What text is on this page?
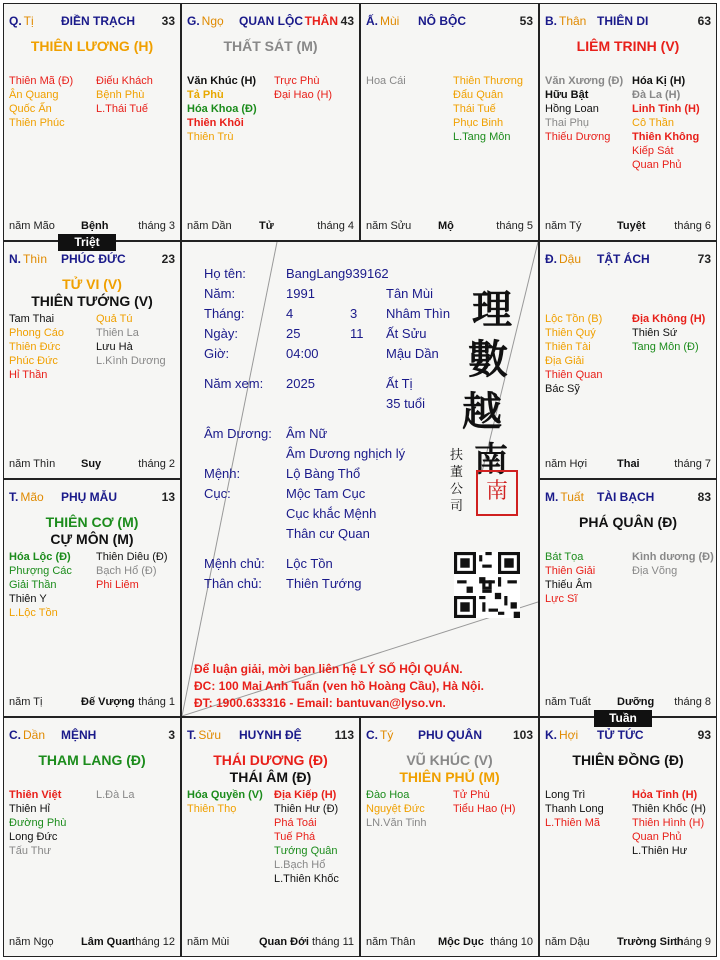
Họ tên:	BangLang939162
Năm:	1991	Tân Mùi
Tháng:	4	3 Nhâm Thìn
Ngày:	25	11 Ất Sửu
Giờ:	04:00	Mậu Dần
Năm xem: 2025	Ất Tị
35 tuổi
Âm Dương: Âm Nữ
Âm Dương nghịch lý
Mệnh:	Lộ Bàng Thổ
Cục:	Mộc Tam Cục
Cục khắc Mệnh
Thân cư Quan
Mệnh chủ: Lộc Tồn
Thân chủ: Thiên Tướng
理
數
越
南
扶董公司
南
Để luận giải, mời bạn liên hệ LÝ SỐ HỘI QUÁN.
ĐC: 100 Mai Anh Tuấn (ven hồ Hoàng Cầu), Hà Nội.
ĐT: 1900.633316 - Email: bantuvan@lyso.vn.
Q. Tị ĐIỀN TRẠCH 33
THIÊN LƯƠNG (H)
Thiên Mã (Đ)
Ân Quang
Quốc Ấn
Thiên Phúc
Điếu Khách
Bệnh Phù
L.Thái Tuế
năm Mão Bệnh	tháng 3
G. Ngọ QUAN LỘC THÂN 43
THẤT SÁT (M)
Văn Khúc (H)
Tả Phù
Hóa Khoa (Đ)
Thiên Khôi
Thiên Trù
Trực Phù
Đại Hao (H)
năm Dần Tử	tháng 4
Ấ. Mùi NÔ BỘC	53
Hoa Cái	Thiên Thương
Đẩu Quân
Thái Tuế
Phục Binh
L.Tang Môn
năm Sửu Mộ	tháng 5
B. Thân THIÊN DI	63
LIÊM TRINH (V)
Văn Xương (Đ)
Hữu Bật
Hồng Loan
Thai Phụ
Thiếu Dương
Hóa Kị (H)
Đà La (H)
Linh Tinh (H)
Cô Thần
Thiên Không
Kiếp Sát
Quan Phủ
năm Tý	Tuyệt	tháng 6
N. Thìn PHÚC ĐỨC	23
TỬ VI (V)
THIÊN TƯỚNG (V)
Tam Thai
Phong Cáo
Thiên Đức
Phúc Đức
Hỉ Thần
Quả Tú
Thiên La
Lưu Hà
L.Kình Dương
năm Thìn Suy	tháng 2
Đ. Dậu TẬT ÁCH	73
Lộc Tồn (B)
Thiên Quý
Thiên Tài
Địa Giải
Thiên Quan
Bác Sỹ
Địa Không (H)
Thiên Sứ
Tang Môn (Đ)
năm Hợi	Thai	tháng 7
T. Mão PHỤ MẪU	13
THIÊN CƠ (M)
CỰ MÔN (M)
Hóa Lộc (Đ)
Phượng Các
Giải Thần
Thiên Y
L.Lộc Tồn
Thiên Diêu (Đ)
Bạch Hổ (Đ)
Phi Liêm
năm Tị	Đế Vượng tháng 1
M. Tuất TÀI BẠCH	83
PHÁ QUÂN (Đ)
Bát Tọa
Thiên Giải
Thiếu Âm
Lực Sĩ
Kình dương (Đ)
Địa Võng
năm Tuất Dưỡng tháng 8
C. Dần MỆNH	3
THAM LANG (Đ)
Thiên Việt
Thiên Hỉ
Đường Phù
Long Đức
Tấu Thư
L.Đà La
năm Ngọ Lâm Quan
tháng 12
T. Sửu HUYNH ĐỆ	113
THÁI DƯƠNG (Đ)
THÁI ÂM (Đ)
Hóa Quyền (V)
Thiên Thọ
Địa Kiếp (H)
Thiên Hư (Đ)
Phá Toái
Tuế Phá
Tướng Quân
L.Bạch Hổ
L.Thiên Khốc
năm Mùi	Quan Đới tháng 11
C. Tý PHU QUÂN	103
VŨ KHÚC (V)
THIÊN PHỦ (M)
Đào Hoa
Nguyệt Đức
LN.Văn Tinh
Tử Phù
Tiểu Hao (H)
năm Thân Mộc Dục tháng 10
K. Hợi TỬ TỨC	93
THIÊN ĐỒNG (Đ)
Long Trì
Thanh Long
L.Thiên Mã
Hỏa Tinh (H)
Thiên Khốc (H)
Thiên Hình (H)
Quan Phủ
L.Thiên Hư
năm Dậu Trường Sinh
tháng 9
Triệt
Tuần
